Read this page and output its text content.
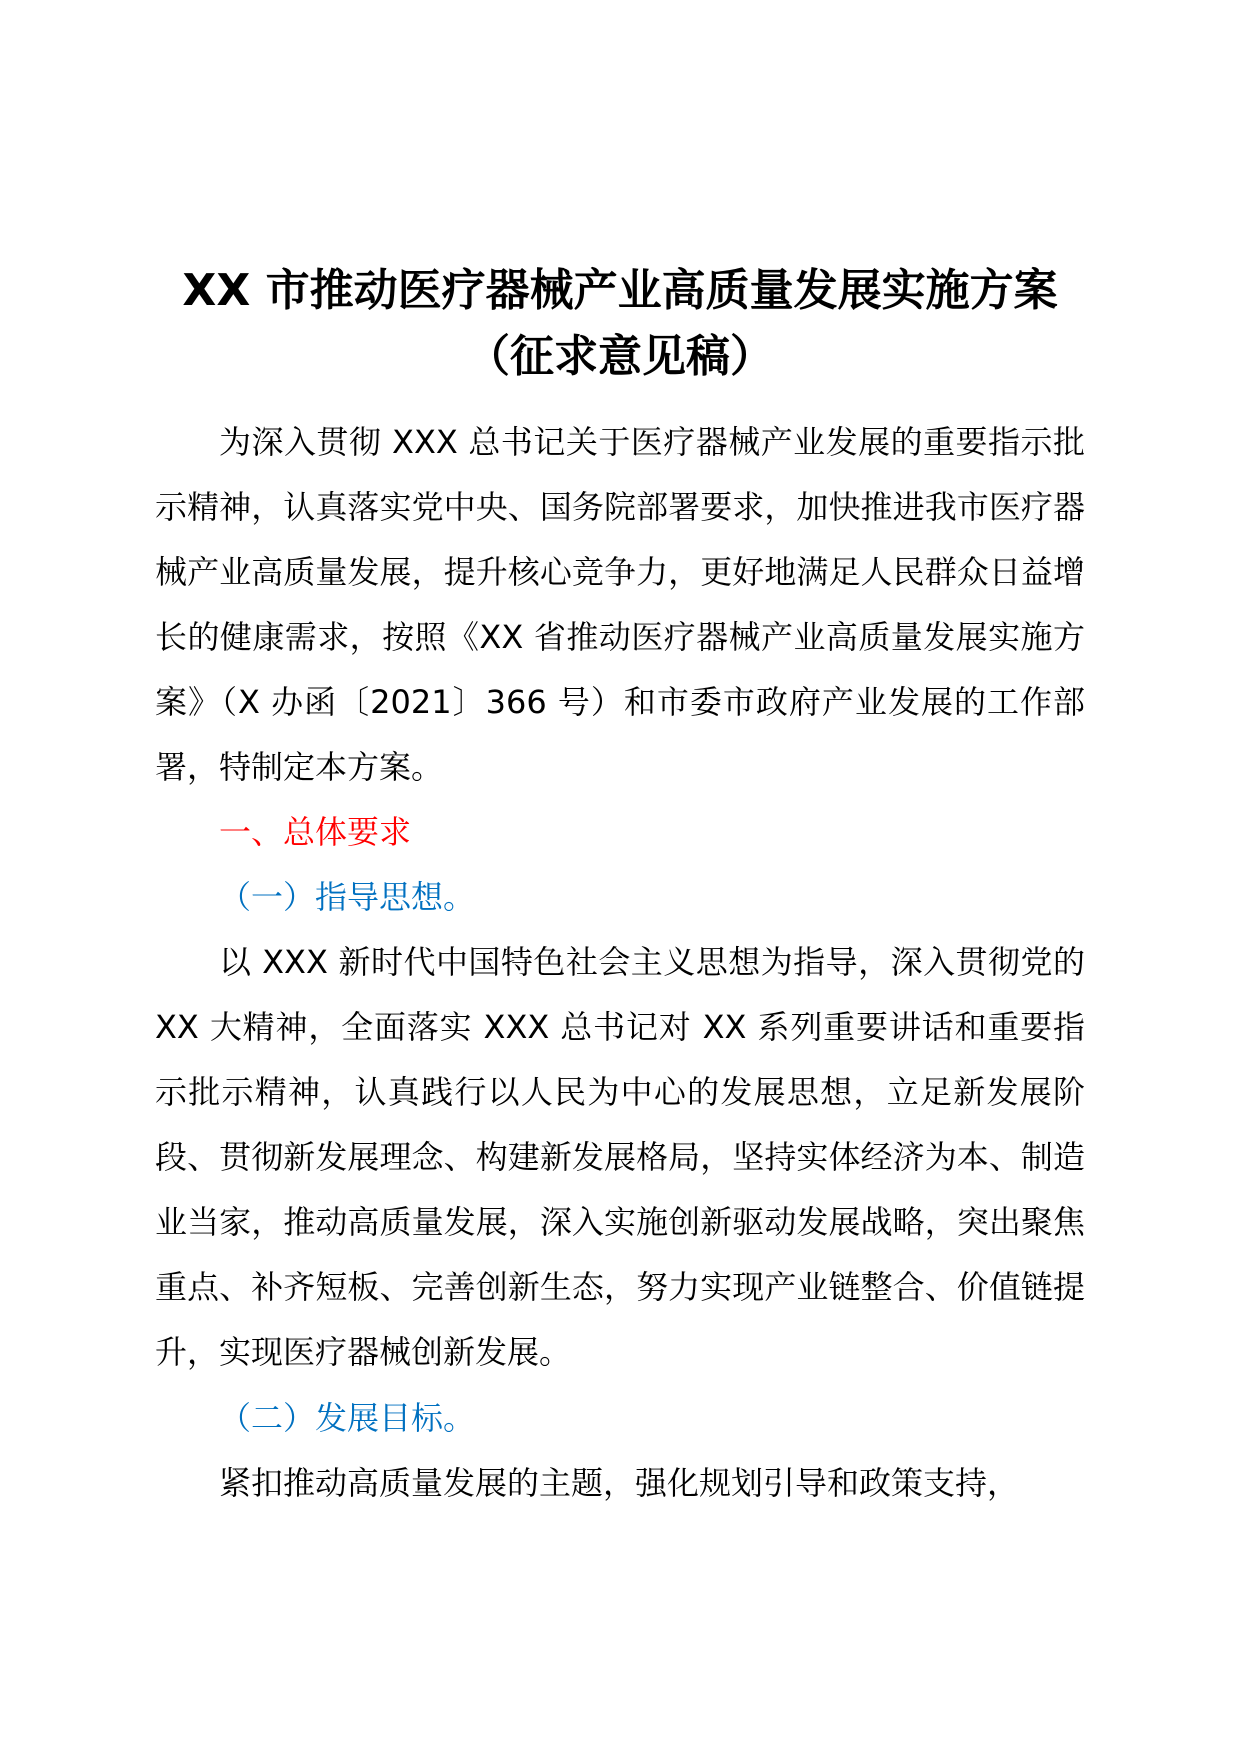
XX 市推动医疗器械产业高质量发展实施方案
（征求意见稿）
为深入贯彻 XXX 总书记关于医疗器械产业发展的重要指示批示精神，认真落实党中央、国务院部署要求，加快推进我市医疗器械产业高质量发展，提升核心竞争力，更好地满足人民群众日益增长的健康需求，按照《XX 省推动医疗器械产业高质量发展实施方案》（X 办函〔2021〕366 号）和市委市政府产业发展的工作部署，特制定本方案。
一、总体要求
（一）指导思想。
以 XXX 新时代中国特色社会主义思想为指导，深入贯彻党的 XX 大精神，全面落实 XXX 总书记对 XX 系列重要讲话和重要指示批示精神，认真践行以人民为中心的发展思想，立足新发展阶段、贯彻新发展理念、构建新发展格局，坚持实体经济为本、制造业当家，推动高质量发展，深入实施创新驱动发展战略，突出聚焦重点、补齐短板、完善创新生态，努力实现产业链整合、价值链提升，实现医疗器械创新发展。
（二）发展目标。
紧扣推动高质量发展的主题，强化规划引导和政策支持，
